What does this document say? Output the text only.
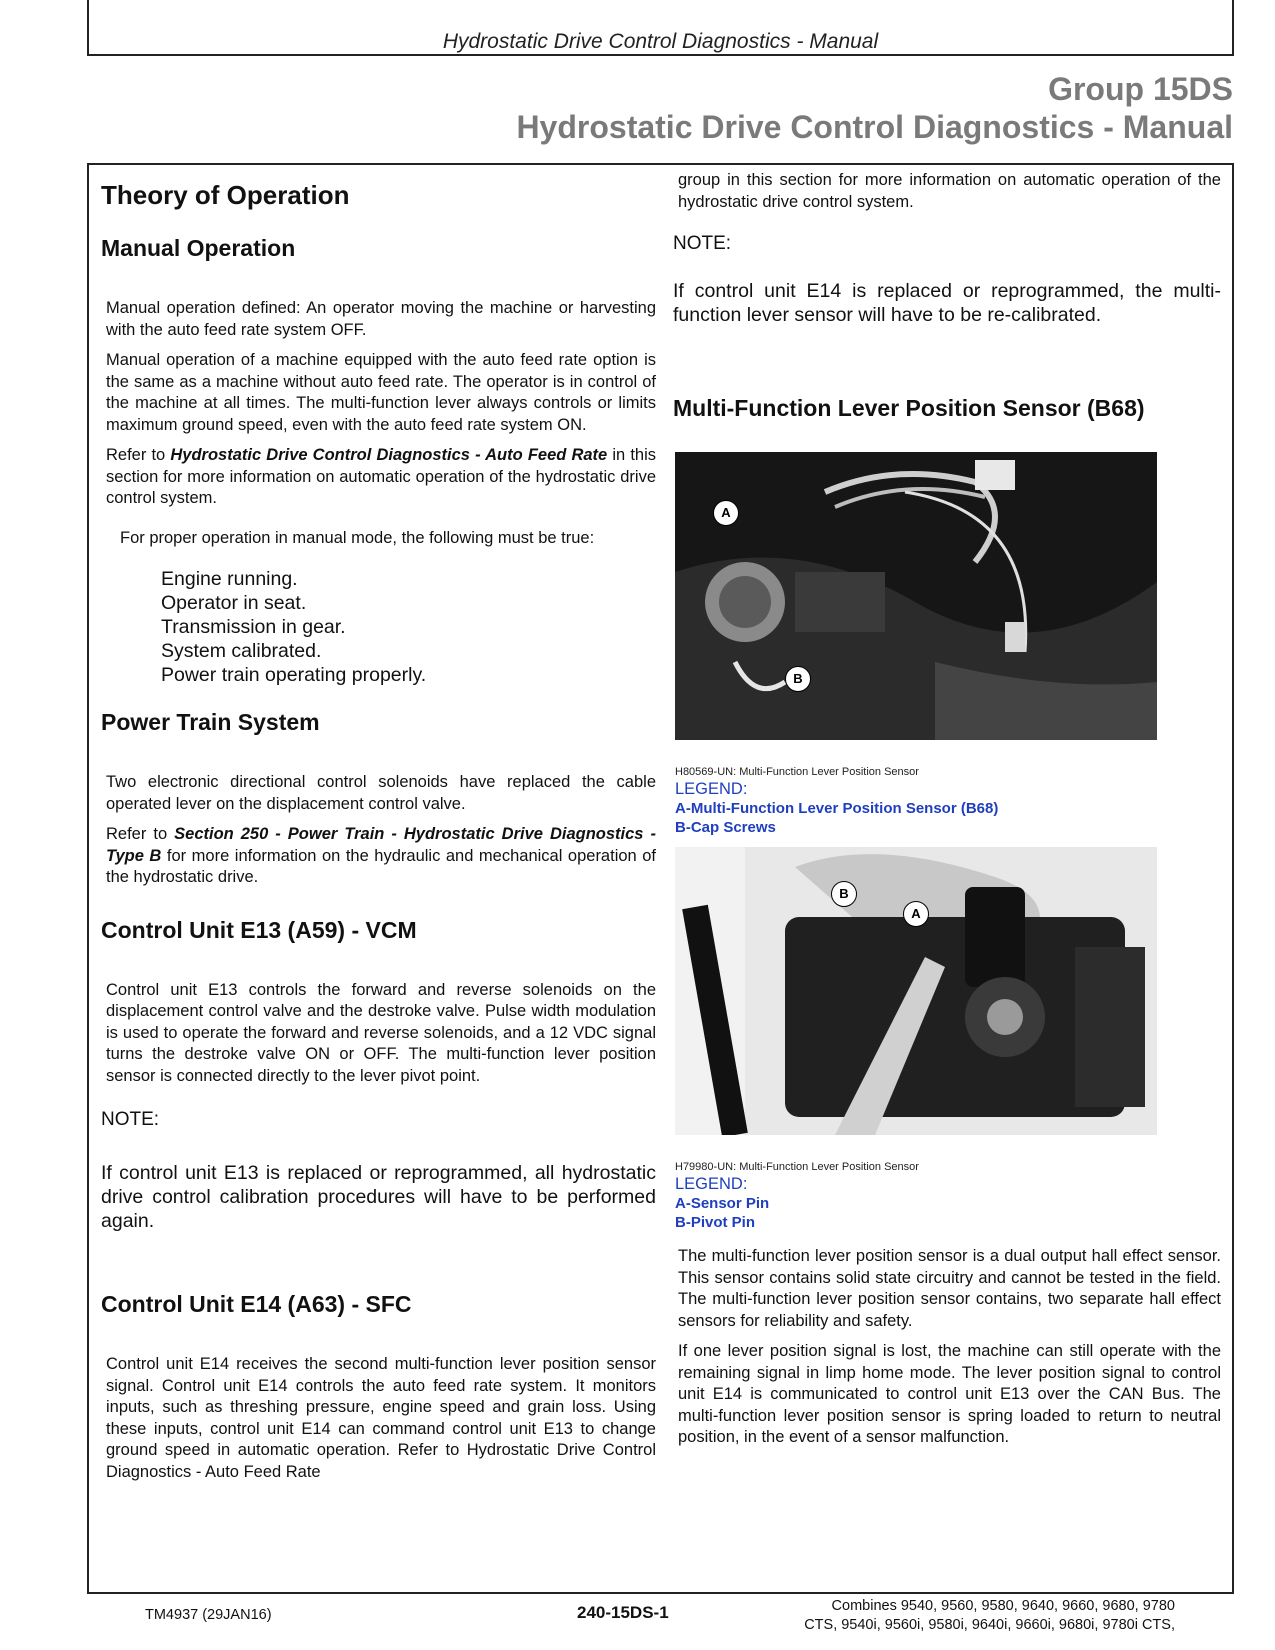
Hydrostatic Drive Control Diagnostics - Manual
Group 15DS
Hydrostatic Drive Control Diagnostics - Manual
Theory of Operation
Manual Operation

Manual operation defined: An operator moving the machine or harvesting with the auto feed rate system OFF.

Manual operation of a machine equipped with the auto feed rate option is the same as a machine without auto feed rate. The operator is in control of the machine at all times. The multi-function lever always controls or limits maximum ground speed, even with the auto feed rate system ON.

Refer to Hydrostatic Drive Control Diagnostics - Auto Feed Rate in this section for more information on automatic operation of the hydrostatic drive control system.

For proper operation in manual mode, the following must be true:
Engine running.
Operator in seat.
Transmission in gear.
System calibrated.
Power train operating properly.
Power Train System

Two electronic directional control solenoids have replaced the cable operated lever on the displacement control valve.

Refer to Section 250 - Power Train - Hydrostatic Drive Diagnostics - Type B for more information on the hydraulic and mechanical operation of the hydrostatic drive.

Control Unit E13 (A59) - VCM

Control unit E13 controls the forward and reverse solenoids on the displacement control valve and the destroke valve. Pulse width modulation is used to operate the forward and reverse solenoids, and a 12 VDC signal turns the destroke valve ON or OFF. The multi-function lever position sensor is connected directly to the lever pivot point.

NOTE:

If control unit E13 is replaced or reprogrammed, all hydrostatic drive control calibration procedures will have to be performed again.

Control Unit E14 (A63) - SFC

Control unit E14 receives the second multi-function lever position sensor signal. Control unit E14 controls the auto feed rate system. It monitors inputs, such as threshing pressure, engine speed and grain loss. Using these inputs, control unit E14 can command control unit E13 to change ground speed in automatic operation. Refer to Hydrostatic Drive Control Diagnostics - Auto Feed Rate

group in this section for more information on automatic operation of the hydrostatic drive control system.

NOTE:

If control unit E14 is replaced or reprogrammed, the multi-function lever sensor will have to be re-calibrated.

Multi-Function Lever Position Sensor (B68)
A
B
H80569-UN: Multi-Function Lever Position Sensor
LEGEND:
A-Multi-Function Lever Position Sensor (B68)
B-Cap Screws
B
A
H79980-UN: Multi-Function Lever Position Sensor
LEGEND:
A-Sensor Pin
B-Pivot Pin

The multi-function lever position sensor is a dual output hall effect sensor. This sensor contains solid state circuitry and cannot be tested in the field. The multi-function lever position sensor contains, two separate hall effect sensors for reliability and safety.

If one lever position signal is lost, the machine can still operate with the remaining signal in limp home mode. The lever position signal to control unit E14 is communicated to control unit E13 over the CAN Bus. The multi-function lever position sensor is spring loaded to return to neutral position, in the event of a sensor malfunction.

TM4937 (29JAN16)	240-15DS-1	Combines 9540, 9560, 9580, 9640, 9660, 9680, 9780
CTS, 9540i, 9560i, 9580i, 9640i, 9660i, 9680i, 9780i CTS,
